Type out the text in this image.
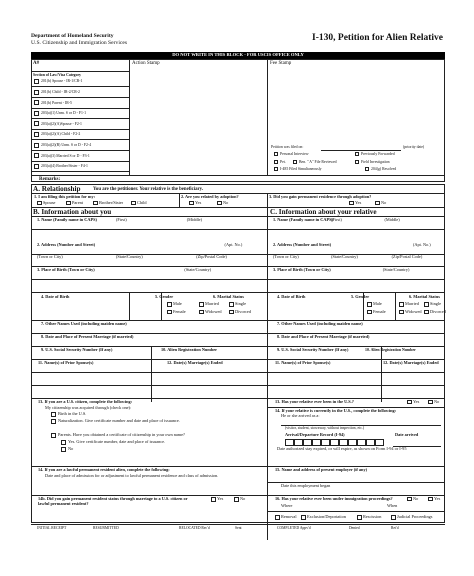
Department of Homeland Security
U.S. Citizenship and Immigration Services	I-130, Petition for Alien Relative
DO NOT WRITE IN THIS BLOCK - FOR USCIS OFFICE ONLY
A#
Section of Law/Visa Category
201(b) Spouse - IR-1/CR-1
201(b) Child - IR-2/CR-2
201(b) Parent - IR-5
203(a)(1) Unm. S or D - F1-1
203(a)(2)(A)Spouse - F2-1
203(a)(2)(A) Child - F2-2
203(a)(2)(B) Unm. S or D - F2-4
203(a)(3) Married S or D - F3-1
203(a)(4) Brother/Sister - F4-1
Action Stamp	Fee Stamp
Petition was filed on:	(priority date)
Personal Interview	Previously Forwarded
Pet.	Ben. " A" File Reviewed
I-485 Filed Simultaneously
Field Investigation
204(g) Resolved
Remarks:
A. Relationship	You are the petitioner. Your relative is the beneficiary.
1. I am filing this petition for my:
Spouse	Parent	Brother/Sister	Child
2. Are you related by adoption?
Yes	No
3. Did you gain permanent residence through adoption?
Yes	No
B. Information about you	C. Information about your relative
1. Name (Family name in CAPS)	(First)	(Middle)
2. Address (Number and Street)	(Apt. No.)
3. Place of Birth (Town or City)
(Town or City)	(State/Country)	(Zip/Postal Code)
(State/Country)
1. Name (Family name in CAPS)
(First)	(Middle)
2. Address (Number and Street)	(Apt. No.)
3. Place of Birth (Town or City)
(Town or City)	(State/Country)	(Zip/Postal Code)
(State/Country)
4. Date of Birth	5. Gender
Male
Female
6. Marital Status
Married	Single
Widowed	Divorced
4. Date of Birth	5. Gender
Male
Female
6. Marital Status
Married	Single
Widowed Divorced
7. Other Names Used (including maiden name)	7. Other Names Used (including maiden name)
8. Date and Place of Present Marriage (if married)	8. Date and Place of Present Marriage (if married)
9. U.S. Social Security Number (If any)	10. Alien Registration Number	9. U.S. Social Security Number (If any)	10. Alien Registration Number
11. Name(s) of Prior Spouse(s)	12. Date(s) Marriage(s) Ended	11. Name(s) of Prior Spouse(s)	12. Date(s) Marriage(s) Ended
13. If you are a U.S. citizen, complete the following:
My citizenship was acquired through (check one):
Birth in the U.S.
Naturalization. Give certificate number and date and place of issuance.
Parents. Have you obtained a certificate of citizenship in your own name?
Yes. Give certificate number, date and place of issuance.
No
13. Has your relative ever been in the U.S.?	Yes	No
14. If your relative is currently in the U.S., complete the following:
He or she arrived as a:
(visitor, student, stowaway, without inspection, etc.)
Arrival/Departure Record (I-94)	Date arrived
Date authorized stay expired, or will expire, as shown on Form I-94 or I-95
14. If you are a lawful permanent resident alien, complete the following:
Date and place of admission for or adjustment to lawful permanent residence and class of admission.
14b. Did you gain permanent resident status through marriage to a U.S. citizen or lawful permanent resident?
Yes	No
15. Name and address of present employer (if any)
Date this employment began
16. Has your relative ever been under immigration proceedings?	No	Yes
Where	When
Removal Exclusion/Deportation	Rescission	Judicial Proceedings
INITIAL RECEIPT	RESUBMITTED	RELOCATED Rec'd	Sent	COMPLETED Appv'd	Denied	Ret'd
